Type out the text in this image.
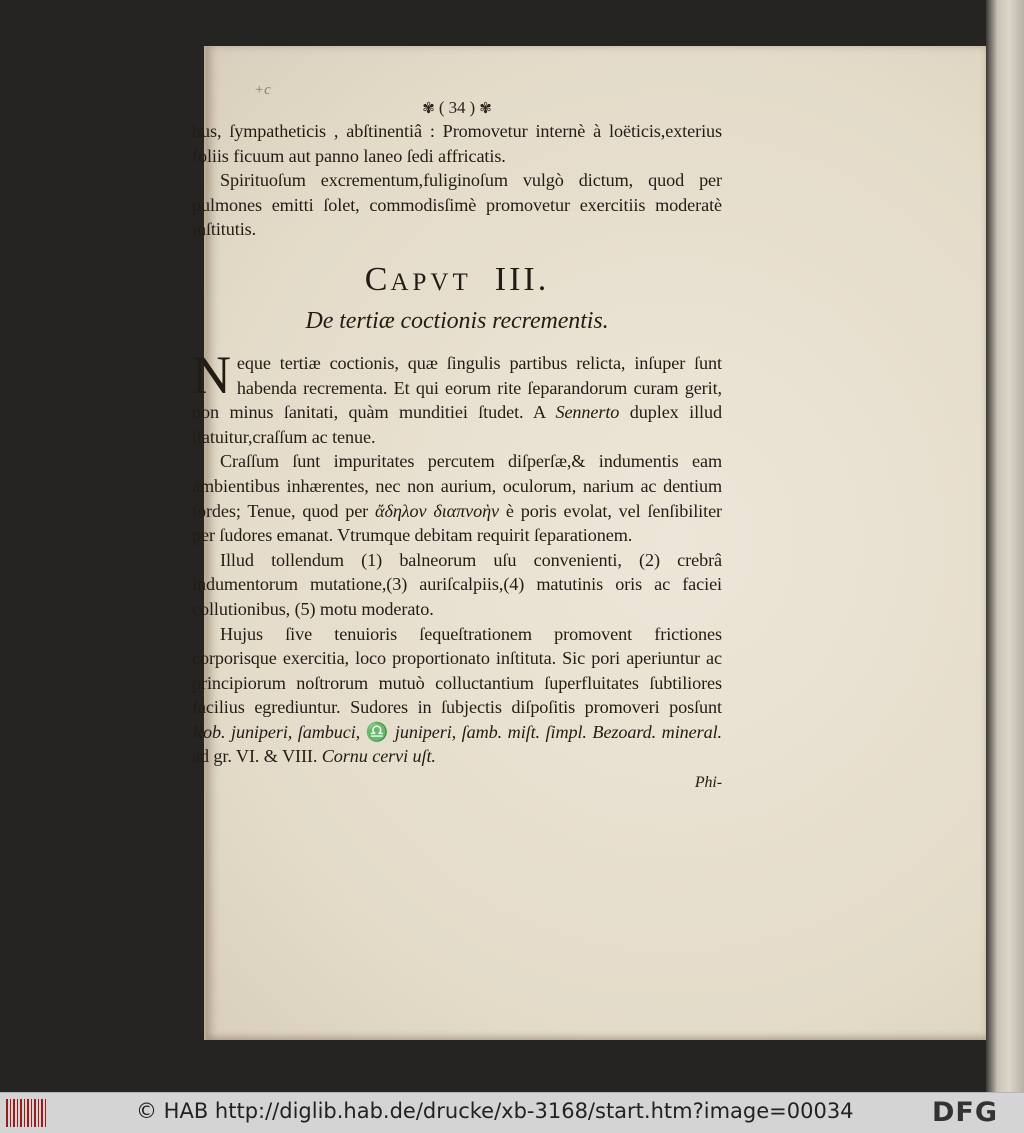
+c
✾ ( 34 ) ✾

bus, ſympatheticis , abſtinentiâ : Promovetur internè à loëticis,exterius foliis ficuum aut panno laneo ſedi affricatis.

Spirituoſum excrementum,fuliginoſum vulgò dictum, quod per pulmones emitti ſolet, commodisſimè promovetur exercitiis moderatè inſtitutis.

CAPVT III.
De tertiæ coctionis recrementis.

Neque tertiæ coctionis, quæ ſingulis partibus relicta, inſuper ſunt habenda recrementa. Et qui eorum rite ſeparandorum curam gerit, non minus ſanitati, quàm munditiei ſtudet. A Sennerto duplex illud ſtatuitur,craſſum ac tenue.

Craſſum ſunt impuritates percutem diſperſæ,& indumentis eam ambientibus inhærentes, nec non aurium, oculorum, narium ac dentium ſordes; Tenue, quod per ἄδηλον διαπνοὴν è poris evolat, vel ſenſibiliter per ſudores emanat. Vtrumque debitam requirit ſeparationem.

Illud tollendum (1) balneorum uſu convenienti, (2) crebrâ indumentorum mutatione,(3) auriſcalpiis,(4) matutinis oris ac faciei collutionibus, (5) motu moderato.

Hujus ſive tenuioris ſequeſtrationem promovent frictiones corporisque exercitia, loco proportionato inſtituta. Sic pori aperiuntur ac principiorum noſtrorum mutuò colluctantium ſuperfluitates ſubtiliores facilius egrediuntur. Sudores in ſubjectis diſpoſitis promoveri posſunt Rob. juniperi, ſambuci, ♎ juniperi, ſamb. miſt. ſimpl. Bezoard. mineral. ad gr. VI. & VIII. Cornu cervi uſt.

Phi-
© HAB http://diglib.hab.de/drucke/xb-3168/start.htm?image=00034	DFG
